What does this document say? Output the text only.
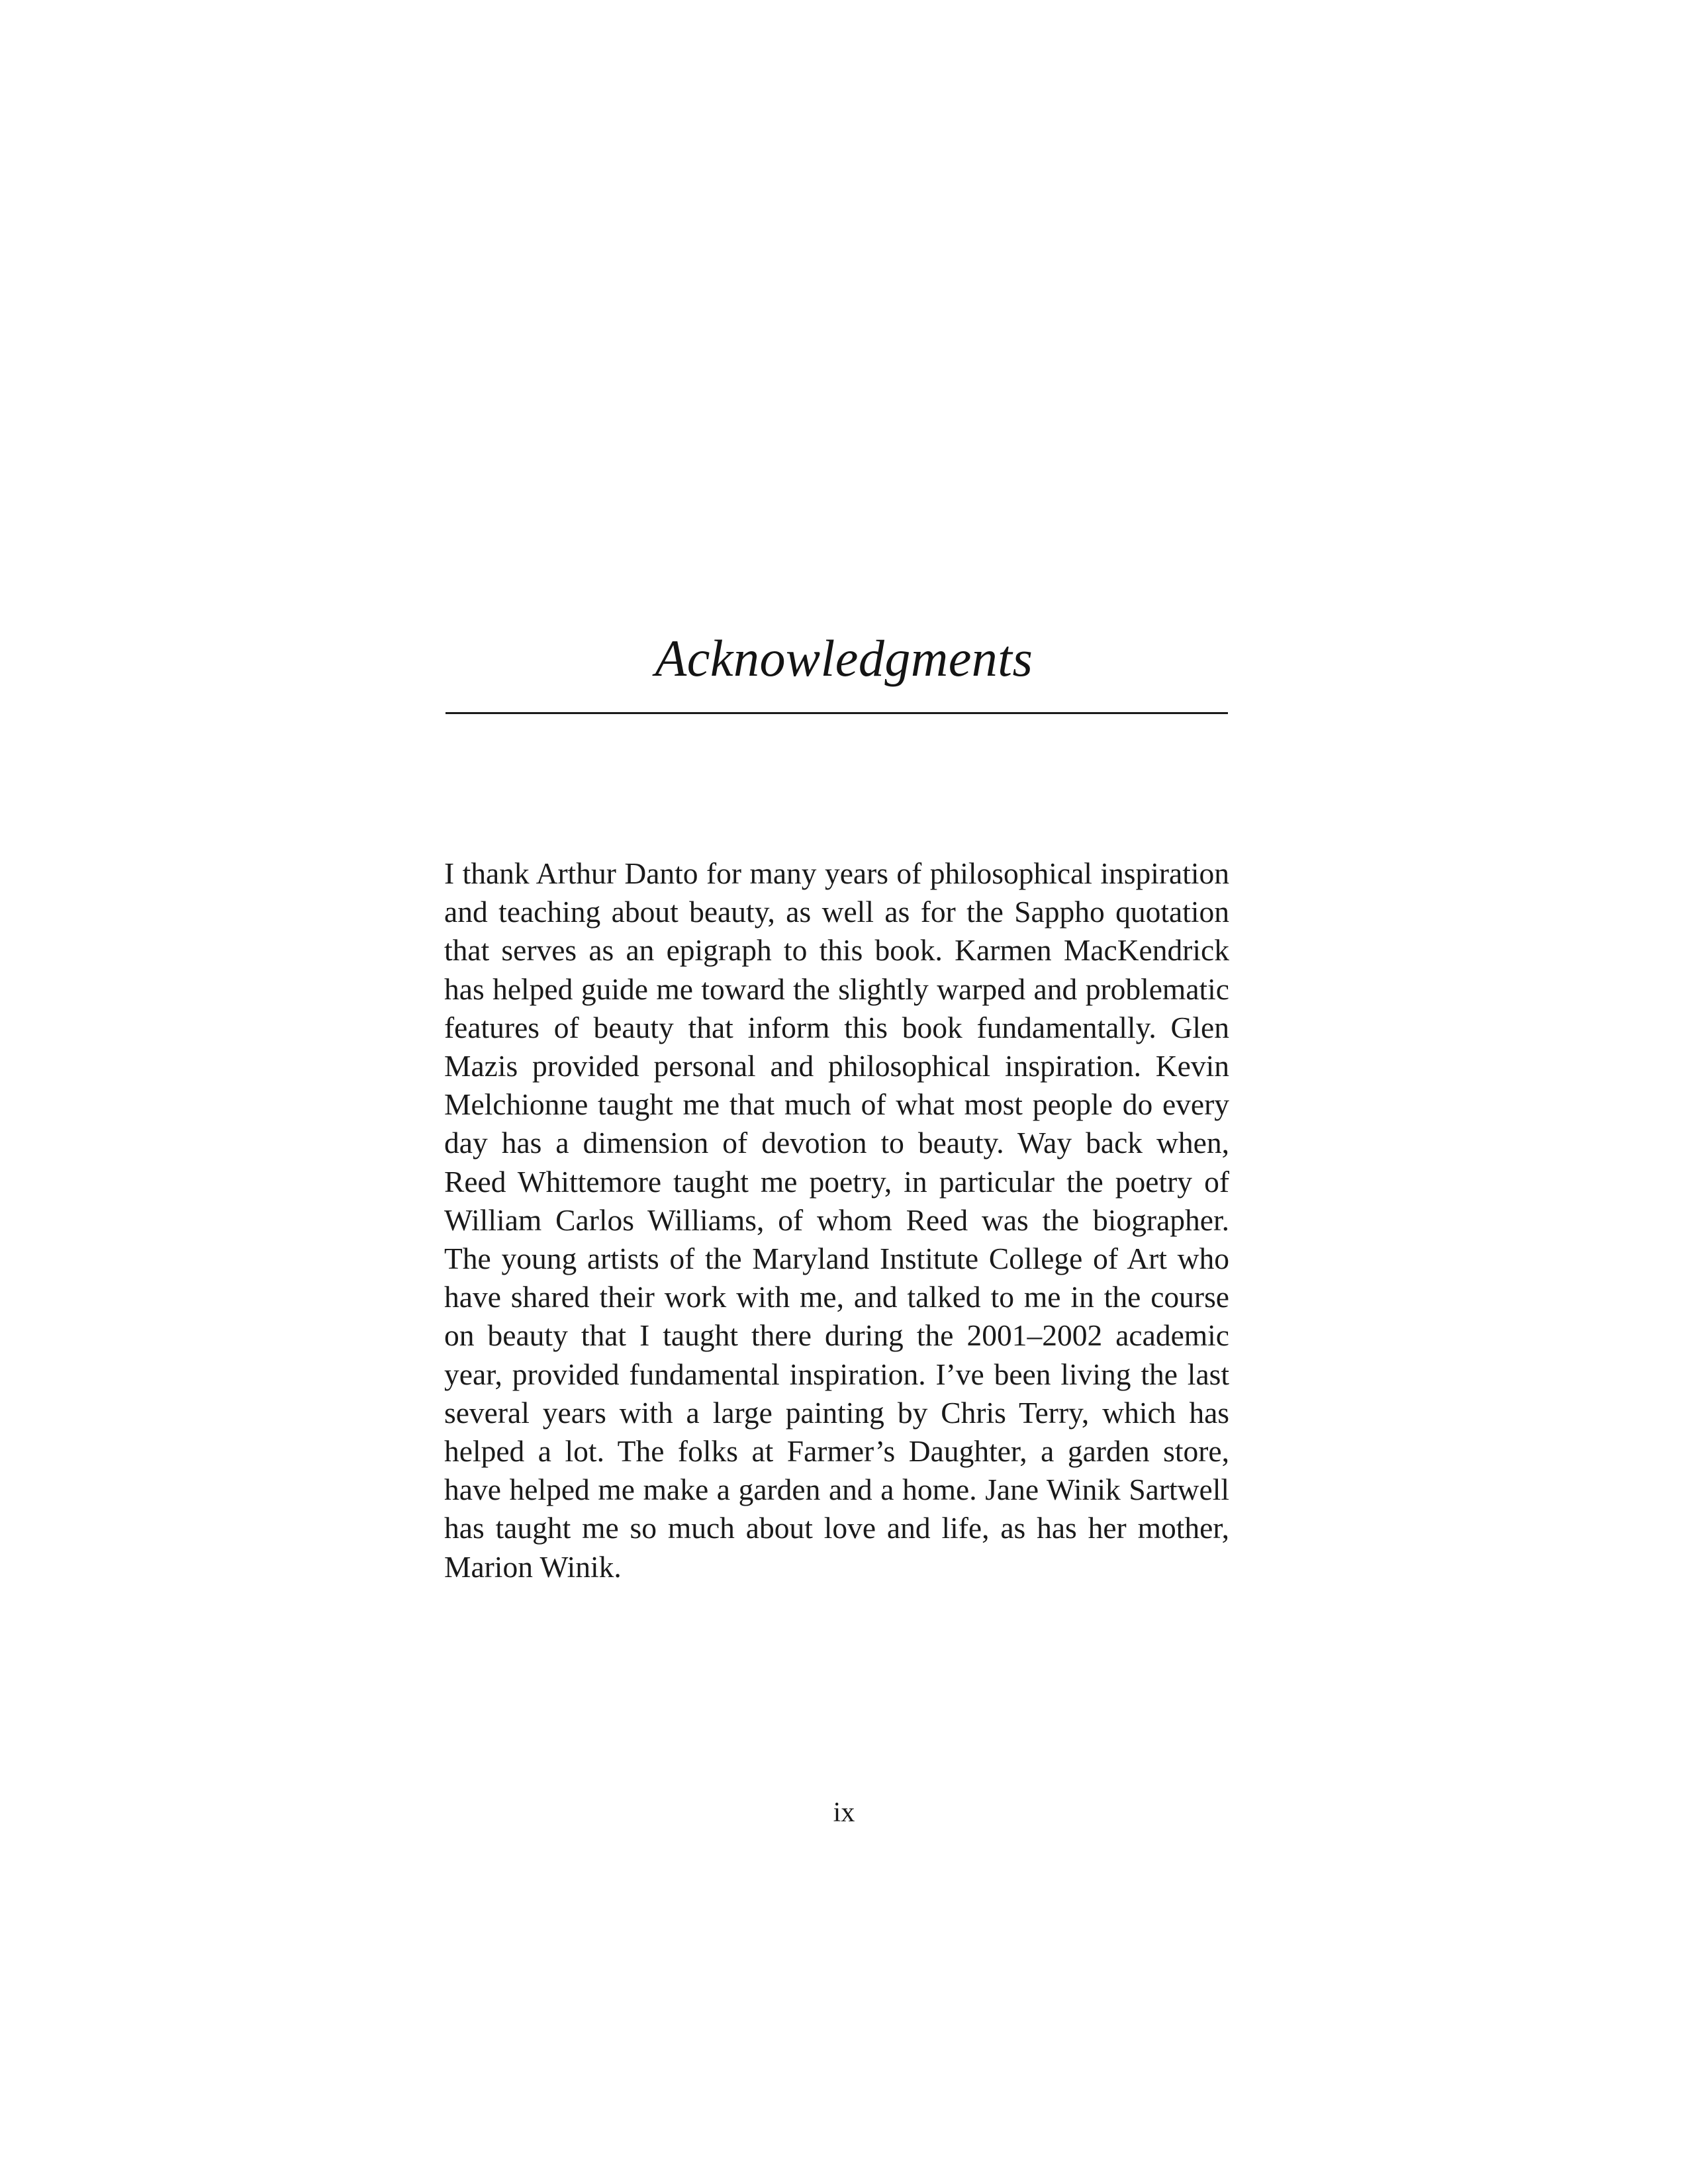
Acknowledgments

I thank Arthur Danto for many years of philosophical inspiration and teaching about beauty, as well as for the Sappho quotation that serves as an epigraph to this book. Karmen MacKendrick has helped guide me toward the slightly warped and problematic features of beauty that inform this book fundamentally. Glen Mazis provided personal and philosophical inspiration. Kevin Melchionne taught me that much of what most people do every day has a dimension of devotion to beauty. Way back when, Reed Whittemore taught me poetry, in particular the poetry of William Carlos Williams, of whom Reed was the biographer. The young artists of the Maryland Institute College of Art who have shared their work with me, and talked to me in the course on beauty that I taught there during the 2001–2002 academic year, provided fundamental inspiration. I’ve been living the last several years with a large painting by Chris Terry, which has helped a lot. The folks at Farmer’s Daughter, a garden store, have helped me make a garden and a home. Jane Winik Sartwell has taught me so much about love and life, as has her mother, Marion Winik.

ix
